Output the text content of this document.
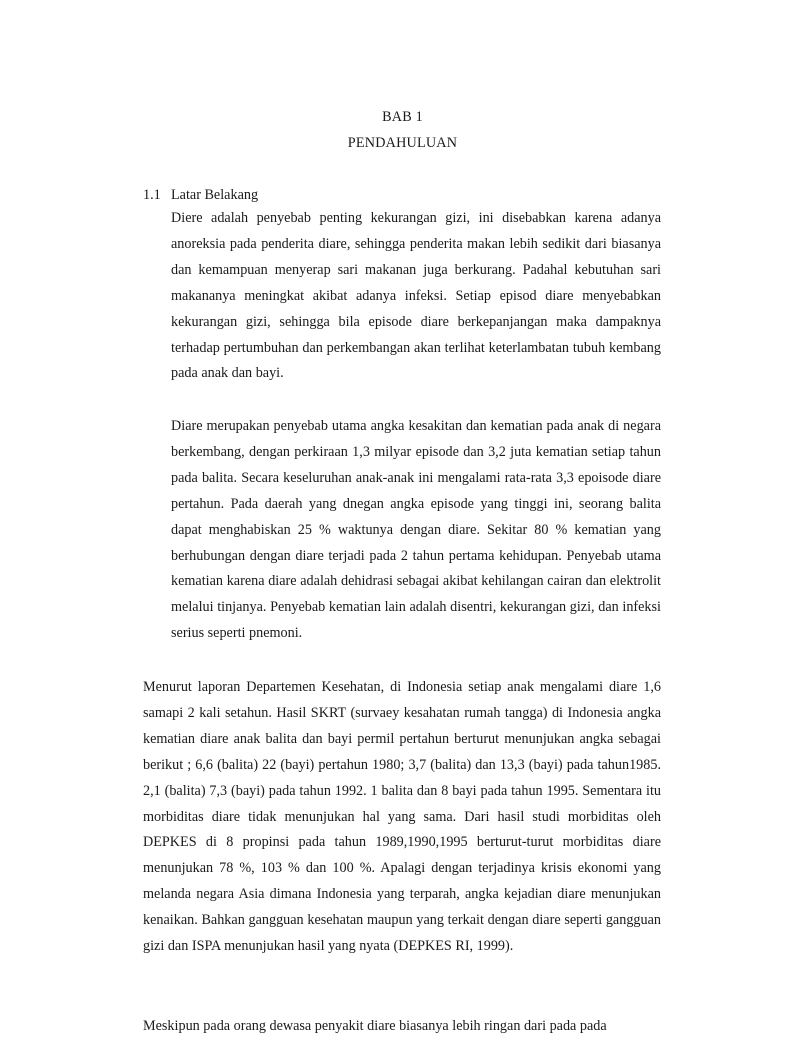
BAB 1
PENDAHULUAN
1.1 Latar Belakang

Diere adalah penyebab penting kekurangan gizi, ini disebabkan karena adanya anoreksia pada penderita diare, sehingga penderita makan lebih sedikit dari biasanya dan kemampuan menyerap sari makanan juga berkurang. Padahal kebutuhan sari makananya meningkat akibat adanya infeksi. Setiap episod diare menyebabkan kekurangan gizi, sehingga bila episode diare berkepanjangan maka dampaknya terhadap pertumbuhan dan perkembangan akan terlihat keterlambatan tubuh kembang pada anak dan bayi.

Diare merupakan penyebab utama angka kesakitan dan kematian pada anak di negara berkembang, dengan perkiraan 1,3 milyar episode dan 3,2 juta kematian setiap tahun pada balita. Secara keseluruhan anak-anak ini mengalami rata-rata 3,3 epoisode diare pertahun. Pada daerah yang dnegan angka episode yang tinggi ini, seorang balita dapat menghabiskan 25 % waktunya dengan diare. Sekitar 80 % kematian yang berhubungan dengan diare terjadi pada 2 tahun pertama kehidupan. Penyebab utama kematian karena diare adalah dehidrasi sebagai akibat kehilangan cairan dan elektrolit melalui tinjanya. Penyebab kematian lain adalah disentri, kekurangan gizi, dan infeksi serius seperti pnemoni.

Menurut laporan Departemen Kesehatan, di Indonesia setiap anak mengalami diare 1,6 samapi 2 kali setahun. Hasil SKRT (survaey kesahatan rumah tangga) di Indonesia angka kematian diare anak balita dan bayi permil pertahun berturut menunjukan angka sebagai berikut ; 6,6 (balita) 22 (bayi) pertahun 1980; 3,7 (balita) dan 13,3 (bayi) pada tahun1985. 2,1 (balita) 7,3 (bayi) pada tahun 1992. 1 balita dan 8 bayi pada tahun 1995. Sementara itu morbiditas diare tidak menunjukan hal yang sama. Dari hasil studi morbiditas oleh DEPKES di 8 propinsi pada tahun 1989,1990,1995 berturut-turut morbiditas diare menunjukan 78 %, 103 % dan 100 %. Apalagi dengan terjadinya krisis ekonomi yang melanda negara Asia dimana Indonesia yang terparah, angka kejadian diare menunjukan kenaikan. Bahkan gangguan kesehatan maupun yang terkait dengan diare seperti gangguan gizi dan ISPA menunjukan hasil yang nyata (DEPKES RI, 1999).

Meskipun pada orang dewasa penyakit diare biasanya lebih ringan dari pada pada
